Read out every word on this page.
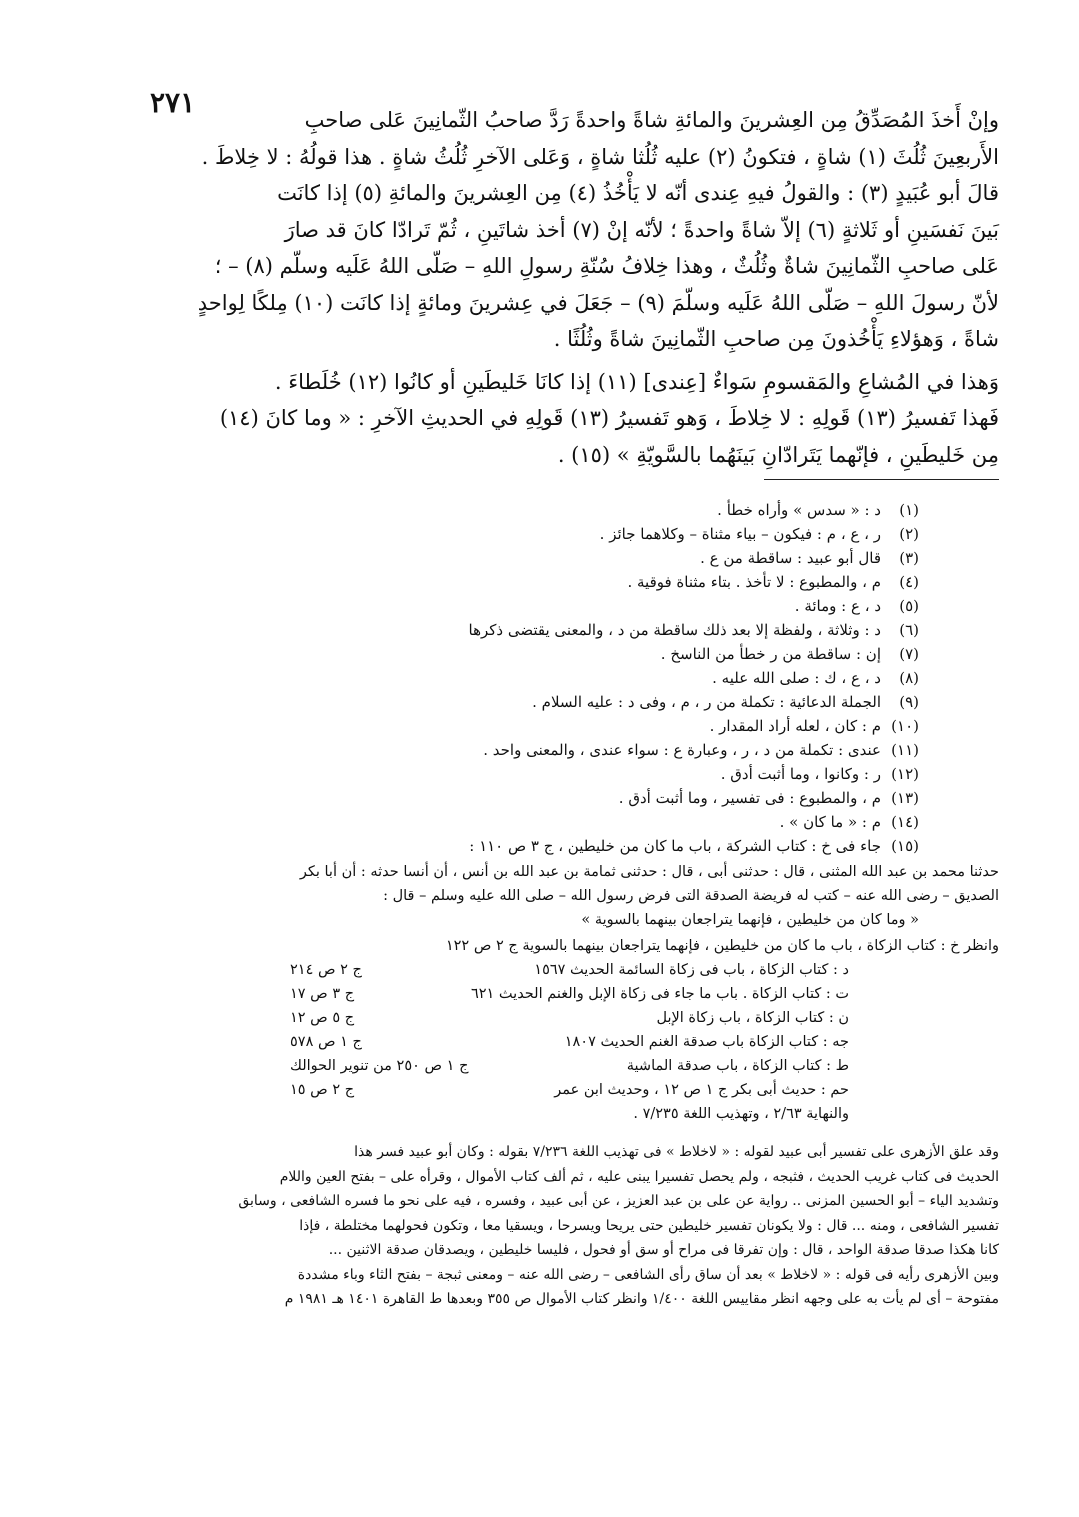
٢٧١

وإنْ أَخذَ المُصَدِّقُ مِن العِشرينَ والمائةِ شاةً واحدةً رَدَّ صاحبُ الثّمانِينَ عَلى صاحبِ

الأَربعِينَ ثُلُثَ (١) شاةٍ ، فتكونُ (٢) عليه ثُلُثا شاةٍ ، وَعَلى الآخرِ ثُلُثُ شاةٍ . هذا قولُهُ : لا خِلاطَ .

قالَ أبو عُبَيدٍ (٣) : والقولُ فيهِ عِندى أنّه لا يَأْخُذُ (٤) مِن العِشرينَ والمائةِ (٥) إذا كانَت

بَينَ نَفسَينِ أو ثَلاثةٍ (٦) إلاّ شاةً واحدةً ؛ لأنّه إنْ (٧) أخذ شاتَينِ ، ثُمّ تَرادّا كانَ قد صارَ

عَلى صاحبِ الثّمانِينَ شاةٌ وثُلُثٌ ، وهذا خِلافُ سُنّةِ رسولِ اللهِ – صَلّى اللهُ عَلَيه وسلّم (٨) – ؛

لأنّ رسولَ اللهِ – صَلّى اللهُ عَلَيه وسلّمَ (٩) – جَعَلَ في عِشرينَ ومائةٍ إذا كانَت (١٠) مِلكًا لِواحدٍ

شاةً ، وَهؤلاءِ يَأْخُذونَ مِن صاحبِ الثّمانِينَ شاةً وثُلُثًا .

وَهذا في المُشاعِ والمَقسومِ سَواءٌ [عِندى] (١١) إذا كانَا خَليطَينِ أو كانُوا (١٢) خُلَطاءَ .

فَهذا تَفسيرُ (١٣) قَولِهِ : لا خِلاطَ ، وَهو تَفسيرُ (١٣) قَولِهِ في الحديثِ الآخرِ : « وما كانَ (١٤)

مِن خَليطَينِ ، فإنّهما يَتَرادّانِ بَينَهُما بالسَّويّةِ » (١٥) .

(١)د : « سدس » وأراه خطأ .

(٢)ر ، ع ، م : فيكون – بياء مثناة – وكلاهما جائز .

(٣)قال أبو عبيد : ساقطة من ع .

(٤)م ، والمطبوع : لا تأخذ . بتاء مثناة فوقية .

(٥)د ، ع : ومائة .

(٦)د : وثلاثة ، ولفظة إلا بعد ذلك ساقطة من د ، والمعنى يقتضى ذكرها

(٧)إن : ساقطة من ر خطأ من الناسخ .

(٨)د ، ع ، ك : صلى الله عليه .

(٩)الجملة الدعائية : تكملة من ر ، م ، وفى د : عليه السلام .

(١٠)م : كان ، لعله أراد المقدار .

(١١)عندى : تكملة من د ، ر ، وعبارة ع : سواء عندى ، والمعنى واحد .

(١٢)ر : وكانوا ، وما أثبت أدق .

(١٣)م ، والمطبوع : فى تفسير ، وما أثبت أدق .

(١٤)م : « ما كان » .

(١٥)جاء فى خ : كتاب الشركة ، باب ما كان من خليطين ، ج ٣ ص ١١٠ :

حدثنا محمد بن عبد الله المثنى ، قال : حدثنى أبى ، قال : حدثنى ثمامة بن عبد الله بن أنس ، أن أنسا حدثه : أن أبا بكر

الصديق – رضى الله عنه – كتب له فريضة الصدقة التى فرض رسول الله – صلى الله عليه وسلم – قال :

« وما كان من خليطين ، فإنهما يتراجعان بينهما بالسوية »

وانظر خ : كتاب الزكاة ، باب ما كان من خليطين ، فإنهما يتراجعان بينهما بالسوية ج ٢ ص ١٢٢

د : كتاب الزكاة ، باب فى زكاة السائمة الحديث ١٥٦٧
ج ٢ ص ٢١٤
ت : كتاب الزكاة . باب ما جاء فى زكاة الإبل والغنم الحديث ٦٢١
ج ٣ ص ١٧
ن : كتاب الزكاة ، باب زكاة الإبل
ج ٥ ص ١٢
جه : كتاب الزكاة باب صدقة الغنم الحديث ١٨٠٧
ج ١ ص ٥٧٨
ط : كتاب الزكاة ، باب صدقة الماشية
ج ١ ص ٢٥٠ من تنوير الحوالك
حم : حديث أبى بكر ج ١ ص ١٢ ، وحديث ابن عمر
ج ٢ ص ١٥
والنهاية ٢/٦٣ ، وتهذيب اللغة ٧/٢٣٥ .

وقد علق الأزهرى على تفسير أبى عبيد لقوله : « لاخلاط » فى تهذيب اللغة ٧/٢٣٦ بقوله : وكان أبو عبيد فسر هذا

الحديث فى كتاب غريب الحديث ، فثبجه ، ولم يحصل تفسيرا يبنى عليه ، ثم ألف كتاب الأموال ، وقرأه على – بفتح العين واللام

وتشديد الياء – أبو الحسين المزنى .. رواية عن على بن عبد العزيز ، عن أبى عبيد ، وفسره ، فيه على نحو ما فسره الشافعى ، وسابق

تفسير الشافعى ، ومنه ... قال : ولا يكونان تفسير خليطين حتى يريحا ويسرحا ، ويسقيا معا ، وتكون فحولهما مختلطة ، فإذا

كانا هكذا صدقا صدقة الواحد ، قال : وإن تفرقا فى مراح أو سق أو فحول ، فليسا خليطين ، ويصدقان صدقة الاثنين ...

وبين الأزهرى رأيه فى قوله : « لاخلاط » بعد أن ساق رأى الشافعى – رضى الله عنه – ومعنى ثبجة – بفتح الثاء وباء مشددة

مفتوحة – أى لم يأت به على وجهه انظر مقاييس اللغة ١/٤٠٠ وانظر كتاب الأموال ص ٣٥٥ وبعدها ط القاهرة ١٤٠١ هـ ١٩٨١ م
